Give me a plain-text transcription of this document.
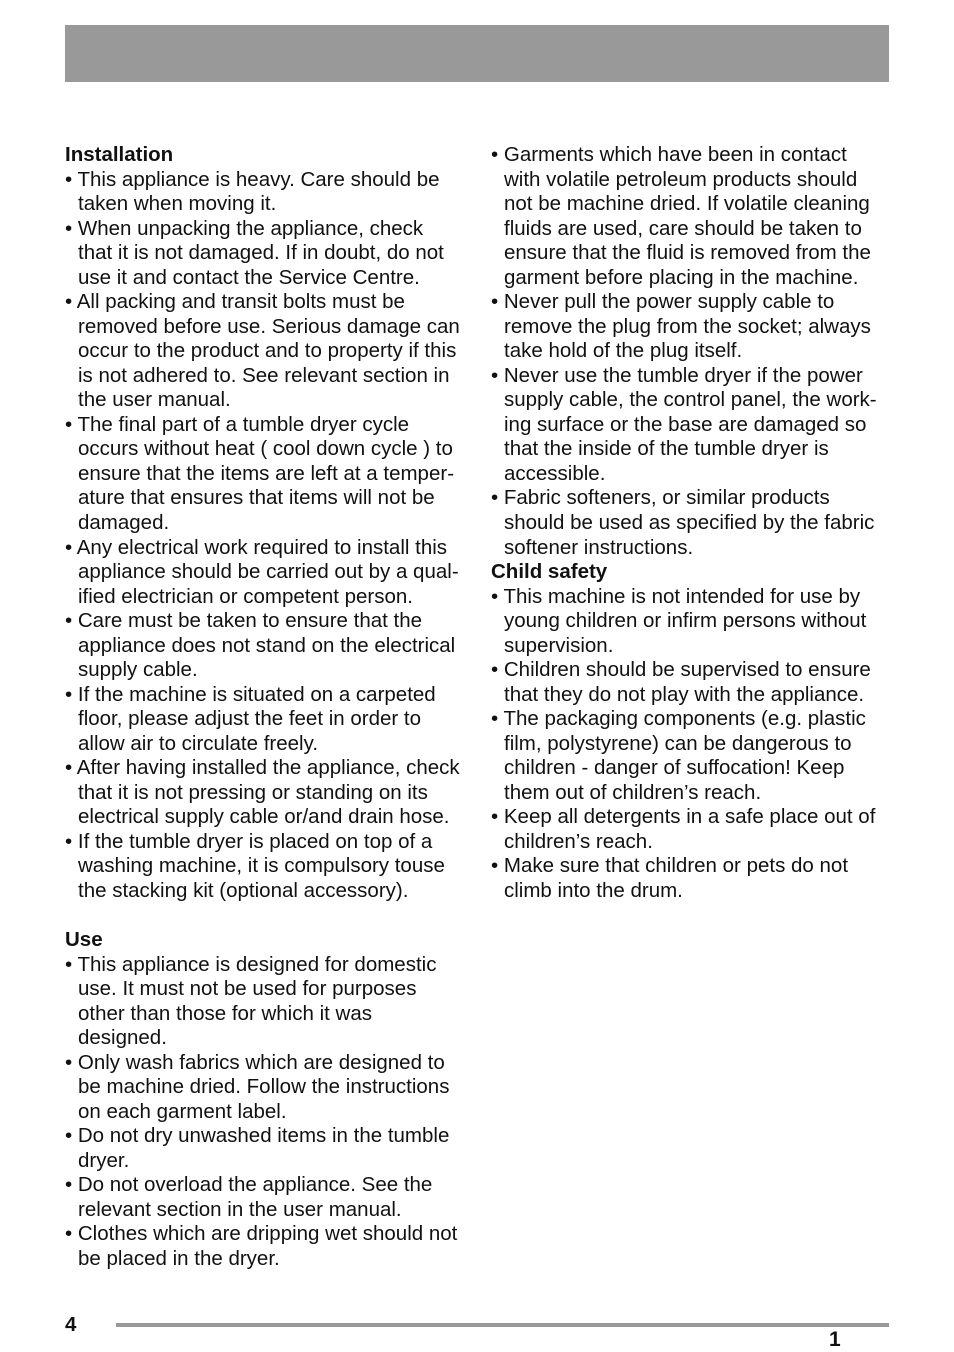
Installation
• This appliance is heavy. Care should be
taken when moving it.
• When unpacking the appliance, check
that it is not damaged. If in doubt, do not
use it and contact the Service Centre.
• All packing and transit bolts must be
removed before use. Serious damage can
occur to the product and to property if this
is not adhered to. See relevant section in
the user manual.
• The final part of a tumble dryer cycle
occurs without heat ( cool down cycle ) to
ensure that the items are left at a temper-
ature that ensures that items will not be
damaged.
• Any electrical work required to install this
appliance should be carried out by a qual-
ified electrician or competent person.
• Care must be taken to ensure that the
appliance does not stand on the electrical
supply cable.
• If the machine is situated on a carpeted
floor, please adjust the feet in order to
allow air to circulate freely.
• After having installed the appliance, check
that it is not pressing or standing on its
electrical supply cable or/and drain hose.
• If the tumble dryer is placed on top of a
washing machine, it is compulsory touse
the stacking kit (optional accessory).
Use
• This appliance is designed for domestic
use. It must not be used for purposes
other than those for which it was
designed.
• Only wash fabrics which are designed to
be machine dried. Follow the instructions
on each garment label.
• Do not dry unwashed items in the tumble
dryer.
• Do not overload the appliance. See the
relevant section in the user manual.
• Clothes which are dripping wet should not
be placed in the dryer.
• Garments which have been in contact
with volatile petroleum products should
not be machine dried. If volatile cleaning
fluids are used, care should be taken to
ensure that the fluid is removed from the
garment before placing in the machine.
• Never pull the power supply cable to
remove the plug from the socket; always
take hold of the plug itself.
• Never use the tumble dryer if the power
supply cable, the control panel, the work-
ing surface or the base are damaged so
that the inside of the tumble dryer is
accessible.
• Fabric softeners, or similar products
should be used as specified by the fabric
softener instructions.
Child safety
• This machine is not intended for use by
young children or infirm persons without
supervision.
• Children should be supervised to ensure
that they do not play with the appliance.
• The packaging components (e.g. plastic
film, polystyrene) can be dangerous to
children - danger of suffocation! Keep
them out of children’s reach.
• Keep all detergents in a safe place out of
children’s reach.
• Make sure that children or pets do not
climb into the drum.
4
1
